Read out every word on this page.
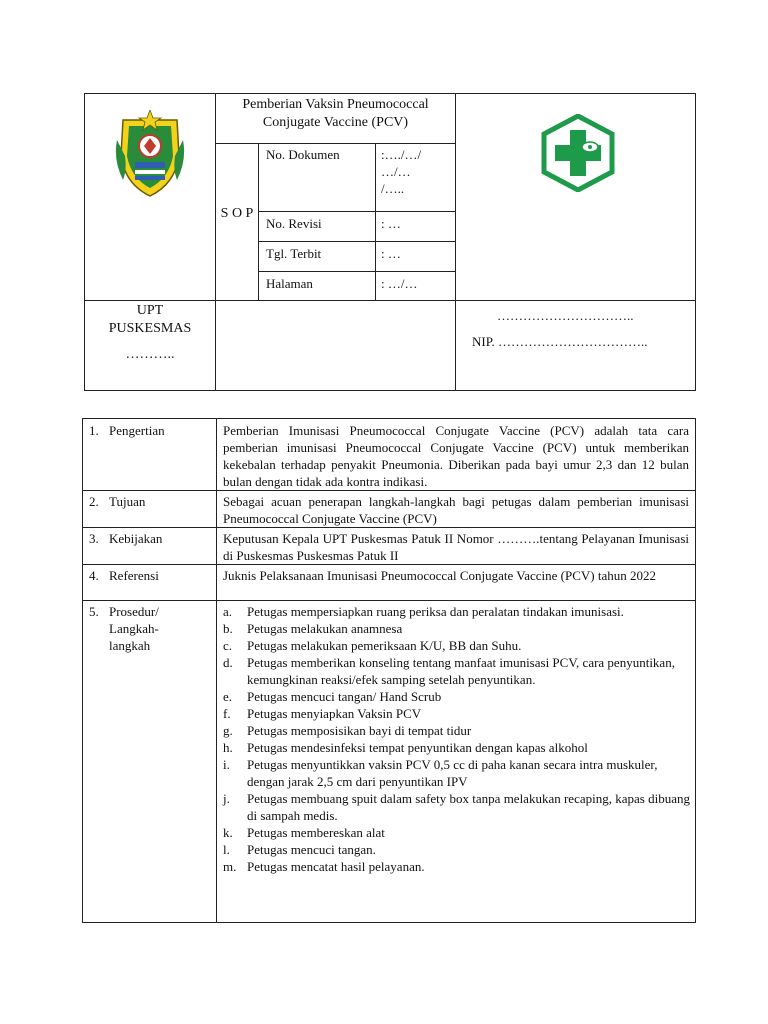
Pemberian Vaksin Pneumococcal Conjugate Vaccine (PCV)
S O P
No. Dokumen	:…./…/
…/…
/…..
No. Revisi	: …
Tgl. Terbit	: …
Halaman	: …/…
UPT
PUSKESMAS
………..
…………………………..
NIP. ……………………………..
1. Pengertian	Pemberian Imunisasi Pneumococcal Conjugate Vaccine (PCV) adalah tata cara pemberian imunisasi Pneumococcal Conjugate Vaccine (PCV) untuk memberikan kekebalan terhadap penyakit Pneumonia. Diberikan pada bayi umur 2,3 dan 12 bulan bulan dengan tidak ada kontra indikasi.
2. Tujuan	Sebagai acuan penerapan langkah-langkah bagi petugas dalam pemberian imunisasi Pneumococcal Conjugate Vaccine (PCV)
3. Kebijakan	Keputusan Kepala UPT Puskesmas Patuk II Nomor ……….tentang Pelayanan Imunisasi di Puskesmas Puskesmas Patuk II
4. Referensi	Juknis Pelaksanaan Imunisasi Pneumococcal Conjugate Vaccine (PCV) tahun 2022
5. Prosedur/
Langkah-
langkah
a. Petugas mempersiapkan ruang periksa dan peralatan tindakan imunisasi.
b. Petugas melakukan anamnesa
c. Petugas melakukan pemeriksaan K/U, BB dan Suhu.
d. Petugas memberikan konseling tentang manfaat imunisasi PCV, cara penyuntikan, kemungkinan reaksi/efek samping setelah penyuntikan.
e. Petugas mencuci tangan/ Hand Scrub
f. Petugas menyiapkan Vaksin PCV
g. Petugas memposisikan bayi di tempat tidur
h. Petugas mendesinfeksi tempat penyuntikan dengan kapas alkohol
i. Petugas menyuntikkan vaksin PCV 0,5 cc di paha kanan secara intra muskuler, dengan jarak 2,5 cm dari penyuntikan IPV
j. Petugas membuang spuit dalam safety box tanpa melakukan recaping, kapas dibuang di sampah medis.
k. Petugas membereskan alat
l. Petugas mencuci tangan.
m. Petugas mencatat hasil pelayanan.
